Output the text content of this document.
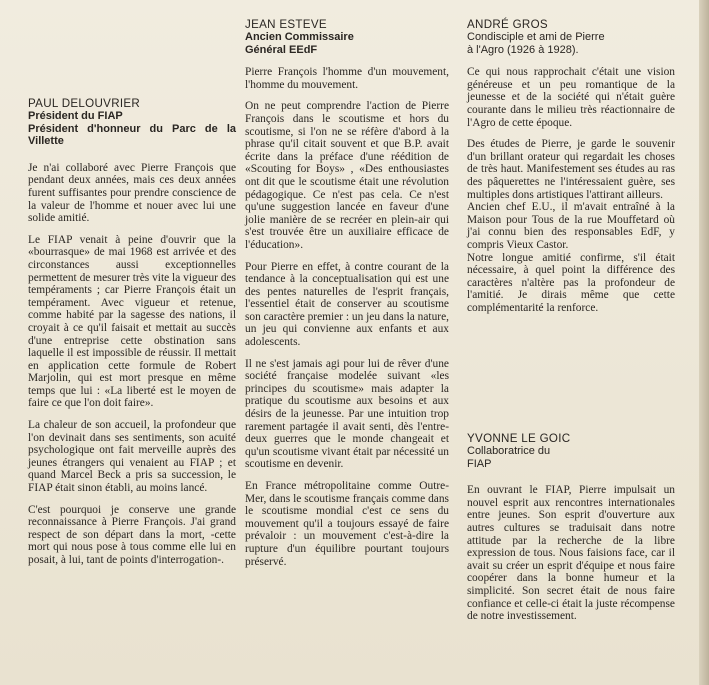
PAUL DELOUVRIER
Président du FIAP
Président d'honneur du Parc de la Villette

Je n'ai collaboré avec Pierre François que pendant deux années, mais ces deux années furent suffisantes pour prendre conscience de la valeur de l'homme et nouer avec lui une solide amitié.

Le FIAP venait à peine d'ouvrir que la «bourrasque» de mai 1968 est arrivée et des circonstances aussi exceptionnelles permettent de mesurer très vite la vigueur des tempéraments ; car Pierre François était un tempérament. Avec vigueur et retenue, comme habité par la sagesse des nations, il croyait à ce qu'il faisait et mettait au succès d'une entreprise cette obstination sans laquelle il est impossible de réussir. Il mettait en application cette formule de Robert Marjolin, qui est mort presque en même temps que lui : «La liberté est le moyen de faire ce que l'on doit faire».

La chaleur de son accueil, la profondeur que l'on devinait dans ses sentiments, son acuité psychologique ont fait merveille auprès des jeunes étrangers qui venaient au FIAP ; et quand Marcel Beck a pris sa succession, le FIAP était sinon établi, au moins lancé.

C'est pourquoi je conserve une grande reconnaissance à Pierre François. J'ai grand respect de son départ dans la mort, -cette mort qui nous pose à tous comme elle lui en posait, à lui, tant de points d'interrogation-.

JEAN ESTEVE
Ancien Commissaire
Général EEdF

Pierre François l'homme d'un mouvement, l'homme du mouvement.

On ne peut comprendre l'action de Pierre François dans le scoutisme et hors du scoutisme, si l'on ne se réfère d'abord à la phrase qu'il citait souvent et que B.P. avait écrite dans la préface d'une réédition de «Scouting for Boys» , «Des enthousiastes ont dit que le scoutisme était une révolution pédagogique. Ce n'est pas cela. Ce n'est qu'une suggestion lancée en faveur d'une jolie manière de se recréer en plein-air qui s'est trouvée être un auxiliaire efficace de l'éducation».

Pour Pierre en effet, à contre courant de la tendance à la conceptualisation qui est une des pentes naturelles de l'esprit français, l'essentiel était de conserver au scoutisme son caractère premier : un jeu dans la nature, un jeu qui convienne aux enfants et aux adolescents.

Il ne s'est jamais agi pour lui de rêver d'une société française modelée suivant «les principes du scoutisme» mais adapter la pratique du scoutisme aux besoins et aux désirs de la jeunesse. Par une intuition trop rarement partagée il avait senti, dès l'entre-deux guerres que le monde changeait et qu'un scoutisme vivant était par nécessité un scoutisme en devenir.

En France métropolitaine comme Outre-Mer, dans le scoutisme français comme dans le scoutisme mondial c'est ce sens du mouvement qu'il a toujours essayé de faire prévaloir : un mouvement c'est-à-dire la rupture d'un équilibre pourtant toujours préservé.

ANDRÉ GROS
Condisciple et ami de Pierre
à l'Agro (1926 à 1928).

Ce qui nous rapprochait c'était une vision généreuse et un peu romantique de la jeunesse et de la société qui n'était guère courante dans le milieu très réactionnaire de l'Agro de cette époque.

Des études de Pierre, je garde le souvenir d'un brillant orateur qui regardait les choses de très haut. Manifestement ses études au ras des pâquerettes ne l'intéressaient guère, ses multiples dons artistiques l'attirant ailleurs.

Ancien chef E.U., il m'avait entraîné à la Maison pour Tous de la rue Mouffetard où j'ai connu bien des responsables EdF, y compris Vieux Castor.

Notre longue amitié confirme, s'il était nécessaire, à quel point la différence des caractères n'altère pas la profondeur de l'amitié. Je dirais même que cette complémentarité la renforce.

YVONNE LE GOIC
Collaboratrice du
FIAP

En ouvrant le FIAP, Pierre impulsait un nouvel esprit aux rencontres internationales entre jeunes. Son esprit d'ouverture aux autres cultures se traduisait dans notre attitude par la recherche de la libre expression de tous. Nous faisions face, car il avait su créer un esprit d'équipe et nous faire coopérer dans la bonne humeur et la simplicité. Son secret était de nous faire confiance et celle-ci était la juste récompense de notre investissement.
